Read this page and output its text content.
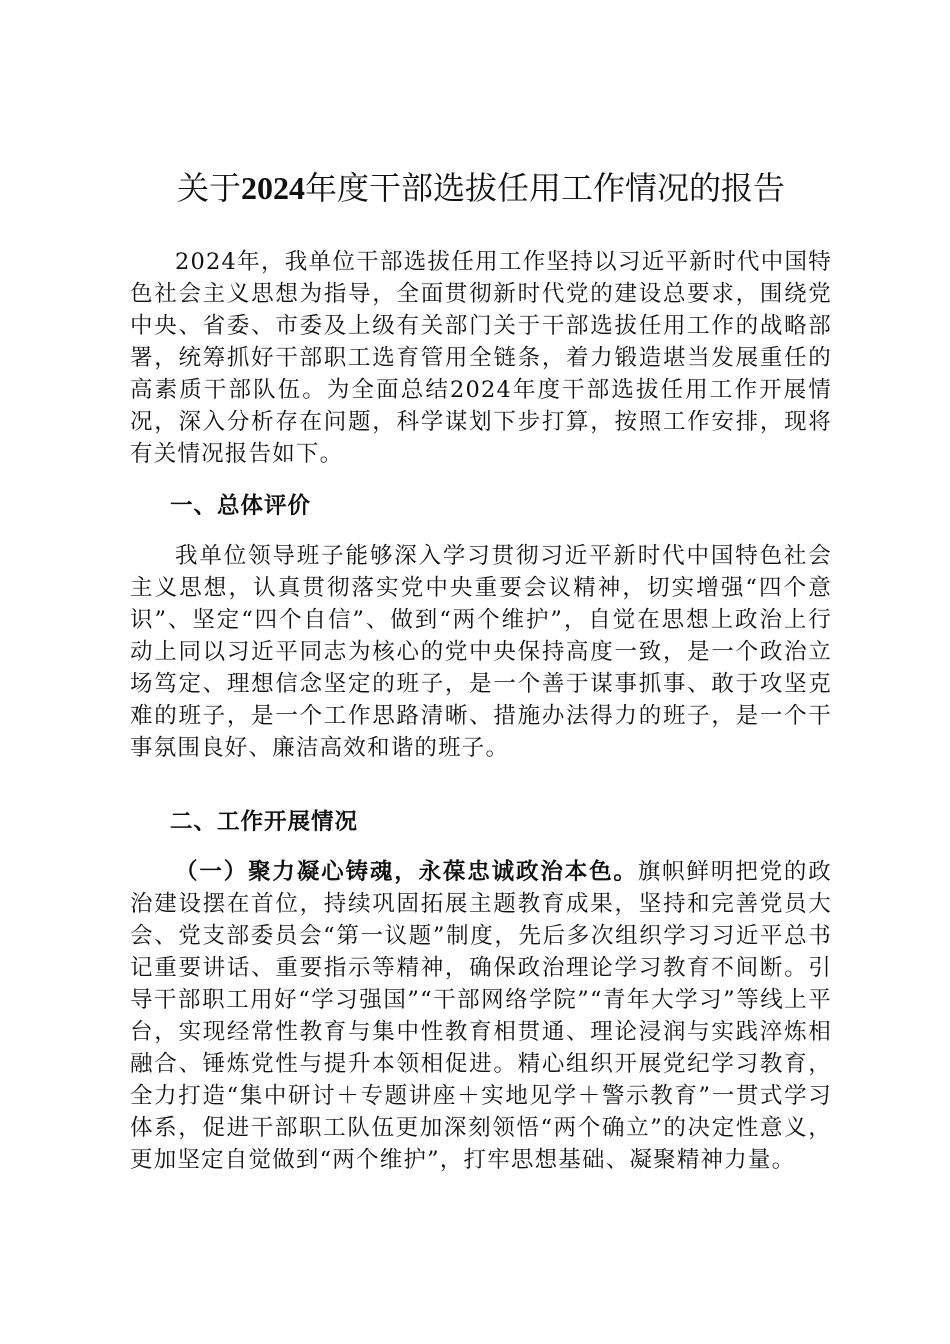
关于2024年度干部选拔任用工作情况的报告

2024年，我单位干部选拔任用工作坚持以习近平新时代中国特色社会主义思想为指导，全面贯彻新时代党的建设总要求，围绕党中央、省委、市委及上级有关部门关于干部选拔任用工作的战略部署，统筹抓好干部职工选育管用全链条，着力锻造堪当发展重任的高素质干部队伍。为全面总结2024年度干部选拔任用工作开展情况，深入分析存在问题，科学谋划下步打算，按照工作安排，现将有关情况报告如下。

一、总体评价

我单位领导班子能够深入学习贯彻习近平新时代中国特色社会主义思想，认真贯彻落实党中央重要会议精神，切实增强“四个意识”、坚定“四个自信”、做到“两个维护”，自觉在思想上政治上行动上同以习近平同志为核心的党中央保持高度一致，是一个政治立场笃定、理想信念坚定的班子，是一个善于谋事抓事、敢于攻坚克难的班子，是一个工作思路清晰、措施办法得力的班子，是一个干事氛围良好、廉洁高效和谐的班子。

二、工作开展情况

（一）聚力凝心铸魂，永葆忠诚政治本色。旗帜鲜明把党的政治建设摆在首位，持续巩固拓展主题教育成果，坚持和完善党员大会、党支部委员会“第一议题”制度，先后多次组织学习习近平总书记重要讲话、重要指示等精神，确保政治理论学习教育不间断。引导干部职工用好“学习强国”“干部网络学院”“青年大学习”等线上平台，实现经常性教育与集中性教育相贯通、理论浸润与实践淬炼相融合、锤炼党性与提升本领相促进。精心组织开展党纪学习教育，全力打造“集中研讨＋专题讲座＋实地见学＋警示教育”一贯式学习体系，促进干部职工队伍更加深刻领悟“两个确立”的决定性意义，更加坚定自觉做到“两个维护”，打牢思想基础、凝聚精神力量。
